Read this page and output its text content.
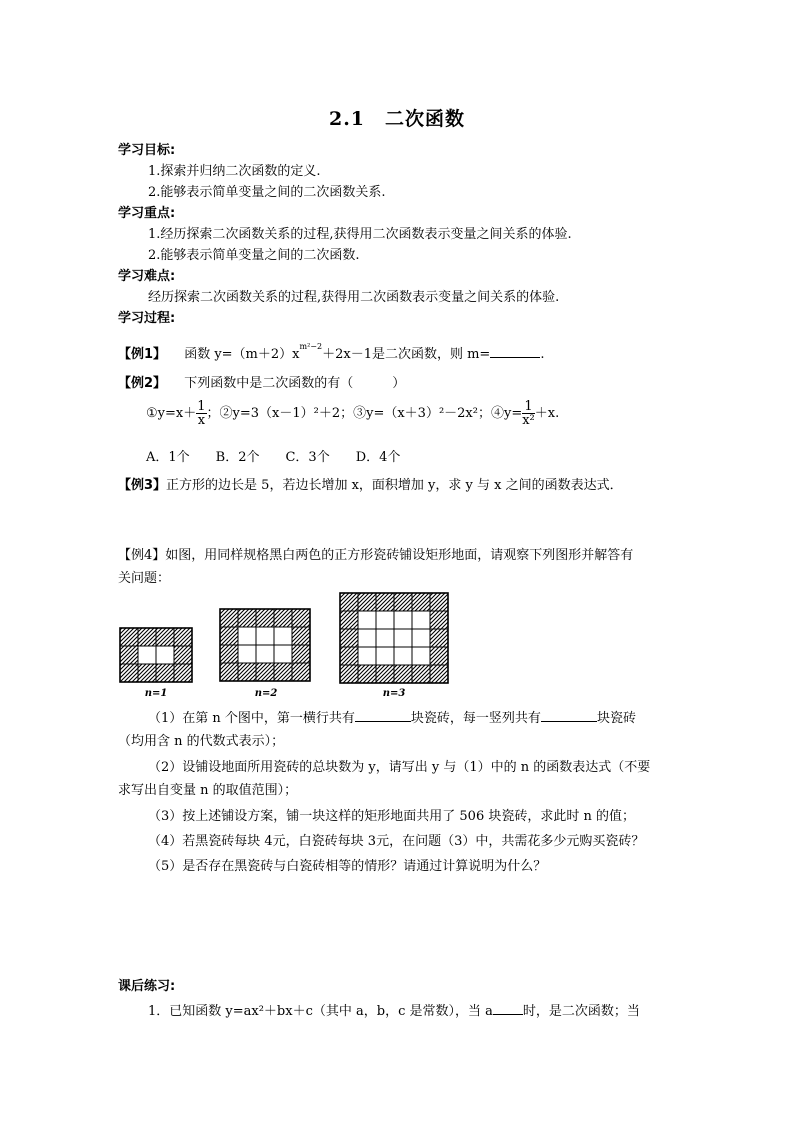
2.1　二次函数
学习目标:
1.探索并归纳二次函数的定义.
2.能够表示简单变量之间的二次函数关系.
学习重点:
1.经历探索二次函数关系的过程,获得用二次函数表示变量之间关系的体验.
2.能够表示简单变量之间的二次函数.
学习难点:
经历探索二次函数关系的过程,获得用二次函数表示变量之间关系的体验.
学习过程:
【例1】 函数 $y=(m+2)x^{m^2-2}+2x-1$是二次函数，则 m=	.
【例2】 下列函数中是二次函数的有（　　　）
①y=x＋ $\frac{1}{x}$ ；②y=3（x－1）²＋2；③y=（x＋3）²－2x²；④y= $\frac{1}{\text{x²}} +x$.
A．1个　　B．2个　　C．3个　　D．4个
【例3】正方形的边长是 5，若边长增加 x，面积增加 y，求 y 与 x 之间的函数表达式．
【例4】如图，用同样规格黑白两色的正方形瓷砖铺设矩形地面，请观察下列图形并解答有
关问题：
n=1	n=2	n=3
（1）在第 n 个图中，第一横行共有	块瓷砖，每一竖列共有	块瓷砖
（均用含 n 的代数式表示）；
（2）设铺设地面所用瓷砖的总块数为 y，请写出 y 与（1）中的 n 的函数表达式（不要
求写出自变量 n 的取值范围）；
（3）按上述铺设方案，铺一块这样的矩形地面共用了 506 块瓷砖，求此时 n 的值；
（4）若黑瓷砖每块 4元，白瓷砖每块 3元，在问题（3）中，共需花多少元购买瓷砖？
（5）是否存在黑瓷砖与白瓷砖相等的情形？请通过计算说明为什么？
课后练习:
1．已知函数 y=ax²＋bx＋c（其中 a，b，c 是常数），当 a 时，是二次函数；当
